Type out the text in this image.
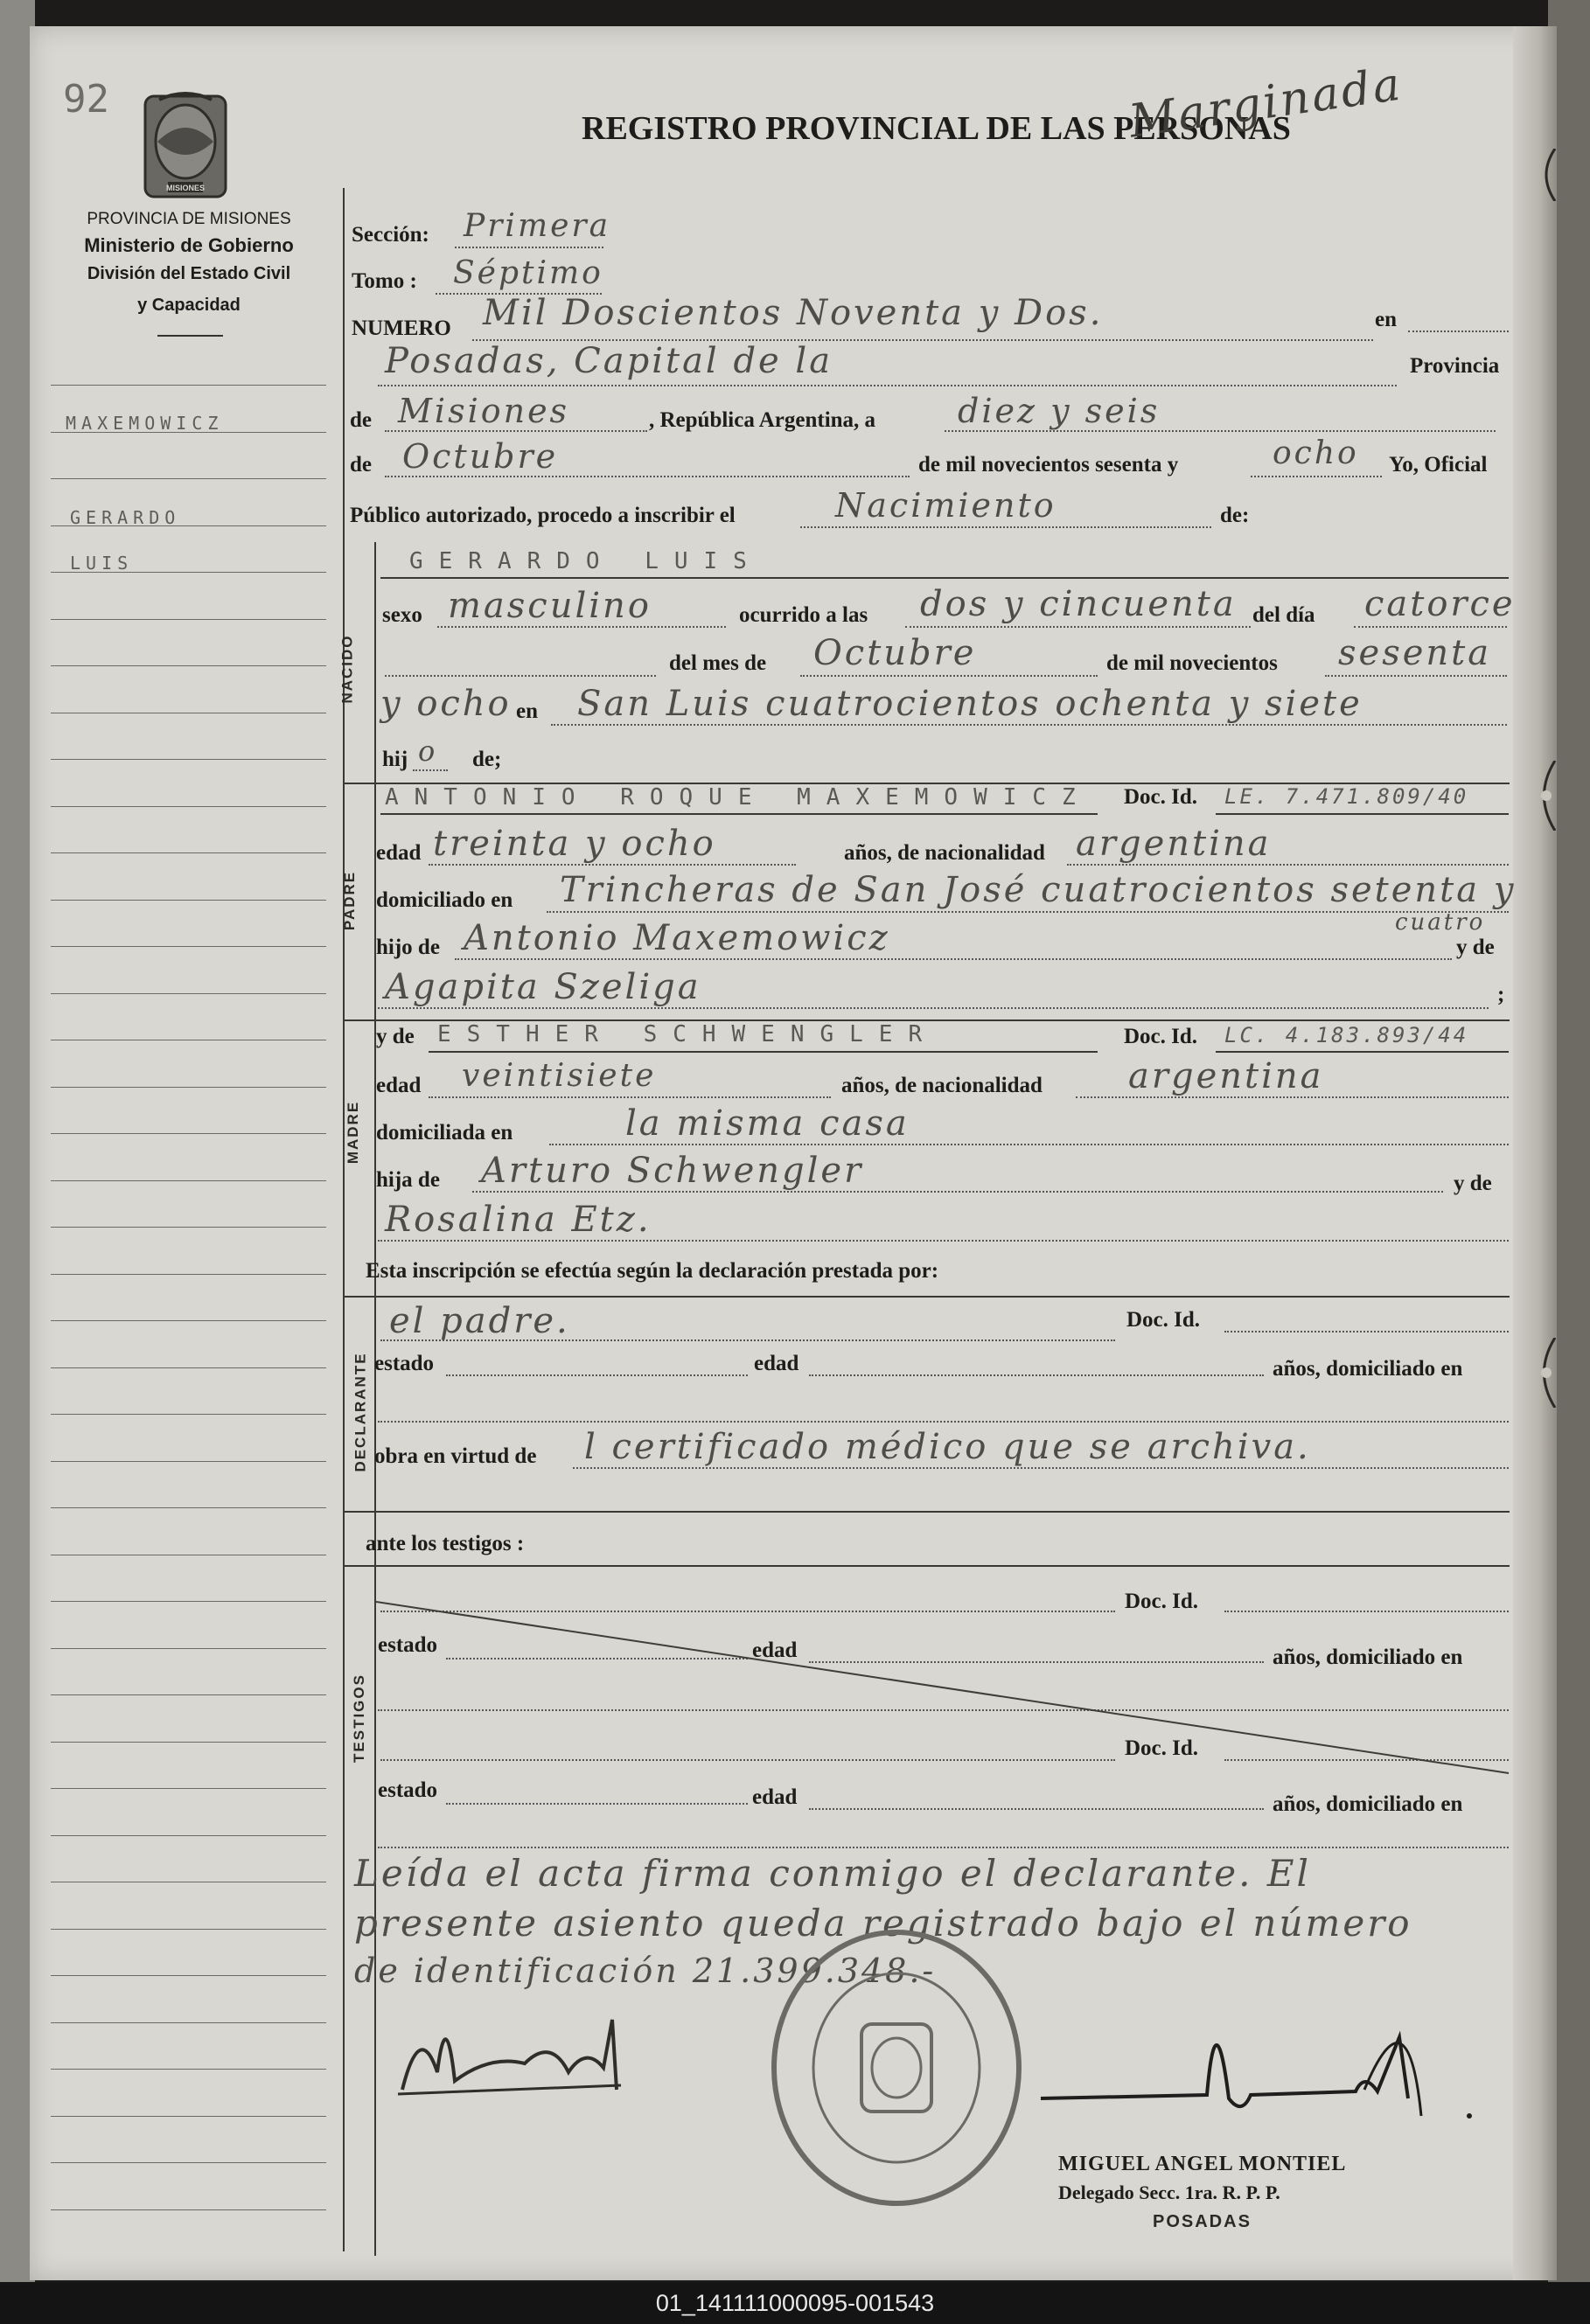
92
MISIONES
PROVINCIA DE MISIONES
Ministerio de Gobierno
División del Estado Civil
y Capacidad
REGISTRO PROVINCIAL DE LAS PERSONAS
Marginada
MAXEMOWICZ
GERARDO
LUIS
Sección: Primera
Tomo : Séptimo
NUMERO Mil Doscientos Noventa y Dos.	en
Posadas, Capital de la	Provincia
de Misiones	, República Argentina, a diez y seis
de Octubre	de mil novecientos sesenta y	ocho Yo, Oficial
Público autorizado, procedo a inscribir el	Nacimiento	de:
NACIDO
GERARDO LUIS
sexo masculino	ocurrido a las dos y cincuenta del día catorce
del mes de Octubre	de mil novecientos sesenta
y ocho en San Luis cuatrocientos ochenta y siete
hij o de;
PADRE
ANTONIO ROQUE MAXEMOWICZ Doc. Id. LE. 7.471.809/40
edad treinta y ocho	años, de nacionalidad argentina
domiciliado en Trincheras de San José cuatrocientos setenta y
hijo de Antonio Maxemowicz	cuatro
y de
Agapita Szeliga	;
MADRE
y de ESTHER SCHWENGLER	Doc. Id. LC. 4.183.893/44
edad veintisiete	años, de nacionalidad argentina
domiciliada en	la misma casa
hija de Arturo Schwengler	y de
Rosalina Etz.
Esta inscripción se efectúa según la declaración prestada por:
DECLARANTE
el padre.	Doc. Id.
estado	edad	años, domiciliado en
obra en virtud de l certificado médico que se archiva.
ante los testigos :
TESTIGOS
Doc. Id.
estado	edad	años, domiciliado en
Doc. Id.
estado	edad	años, domiciliado en
Leída el acta firma conmigo el declarante. El
presente asiento queda registrado bajo el número
de identificación 21.399.348.-
MIGUEL ANGEL MONTIEL
Delegado Secc. 1ra. R. P. P.
POSADAS
01_141111000095-001543
